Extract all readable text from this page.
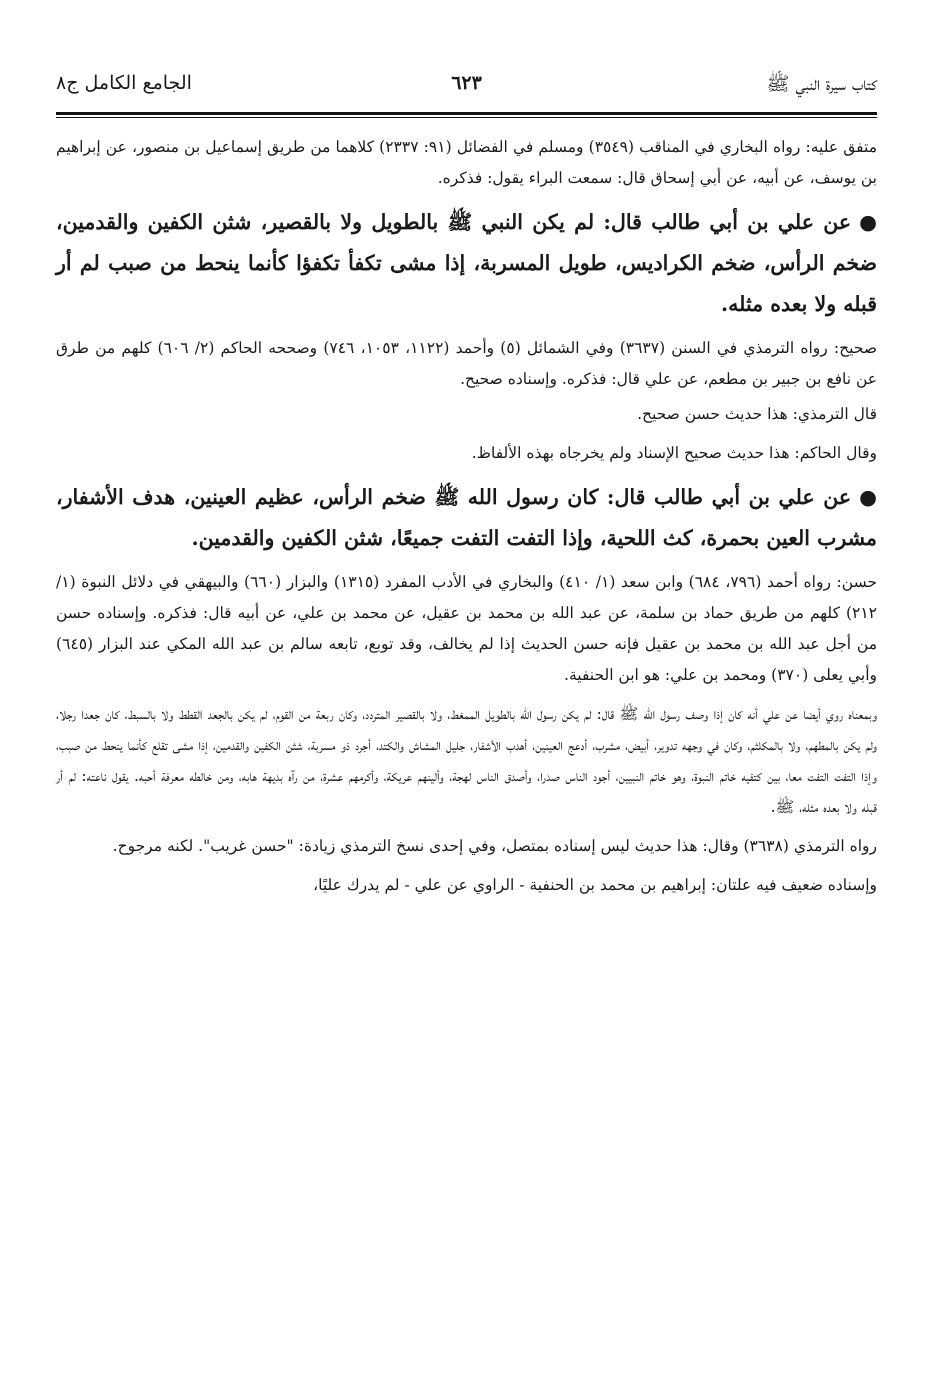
كتاب سيرة النبي ﷺ
٦٢٣
الجامع الكامل ج٨

متفق عليه: رواه البخاري في المناقب (٣٥٤٩) ومسلم في الفضائل (٩١: ٢٣٣٧) كلاهما من طريق إسماعيل بن منصور، عن إبراهيم بن يوسف، عن أبيه، عن أبي إسحاق قال: سمعت البراء يقول: فذكره.

●عن علي بن أبي طالب قال: لم يكن النبي ﷺ بالطويل ولا بالقصير، شثن الكفين والقدمين، ضخم الرأس، ضخم الكراديس، طويل المسربة، إذا مشى تكفأ تكفؤا كأنما ينحط من صبب لم أر قبله ولا بعده مثله.

صحيح: رواه الترمذي في السنن (٣٦٣٧) وفي الشمائل (٥) وأحمد (١١٢٢، ١٠٥٣، ٧٤٦) وصححه الحاكم (٢/ ٦٠٦) كلهم من طرق عن نافع بن جبير بن مطعم، عن علي قال: فذكره. وإسناده صحيح.

قال الترمذي: هذا حديث حسن صحيح.

وقال الحاكم: هذا حديث صحيح الإسناد ولم يخرجاه بهذه الألفاظ.

●عن علي بن أبي طالب قال: كان رسول الله ﷺ ضخم الرأس، عظيم العينين، هدف الأشفار، مشرب العين بحمرة، كث اللحية، وإذا التفت التفت جميعًا، شثن الكفين والقدمين.

حسن: رواه أحمد (٧٩٦، ٦٨٤) وابن سعد (١/ ٤١٠) والبخاري في الأدب المفرد (١٣١٥) والبزار (٦٦٠) والبيهقي في دلائل النبوة (١/ ٢١٢) كلهم من طريق حماد بن سلمة، عن عبد الله بن محمد بن عقيل، عن محمد بن علي، عن أبيه قال: فذكره. وإسناده حسن من أجل عبد الله بن محمد بن عقيل فإنه حسن الحديث إذا لم يخالف، وقد توبع، تابعه سالم بن عبد الله المكي عند البزار (٦٤٥) وأبي يعلى (٣٧٠) ومحمد بن علي: هو ابن الحنفية.

وبمعناه روي أيضا عن علي أنه كان إذا وصف رسول الله ﷺ قال: لم يكن رسول الله بالطويل الممغط، ولا بالقصير المتردد، وكان ربعة من القوم، لم يكن بالجعد القطط ولا بالسبط، كان جعدا رجلا، ولم يكن بالمطهم، ولا بالمكلثم، وكان في وجهه تدوير، أبيض، مشرب، أدعج العينين، أهدب الأشفار، جليل المشاش والكتد، أجرد ذو مسربة، شثن الكفين والقدمين، إذا مشى تقلع كأنما ينحط من صبب، وإذا التفت التفت معا، بين كتفيه خاتم النبوة، وهو خاتم النبيين، أجود الناس صدرا، وأصدق الناس لهجة، وألينهم عريكة، وأكرمهم عشرة، من رآه بديهة هابه، ومن خالطه معرفة أحبه. يقول ناعته: لم أر قبله ولا بعده مثله، ﷺ.

رواه الترمذي (٣٦٣٨) وقال: هذا حديث ليس إسناده بمتصل، وفي إحدى نسخ الترمذي زيادة: "حسن غريب". لكنه مرجوح.

وإسناده ضعيف فيه علتان: إبراهيم بن محمد بن الحنفية - الراوي عن علي - لم يدرك عليًا،
